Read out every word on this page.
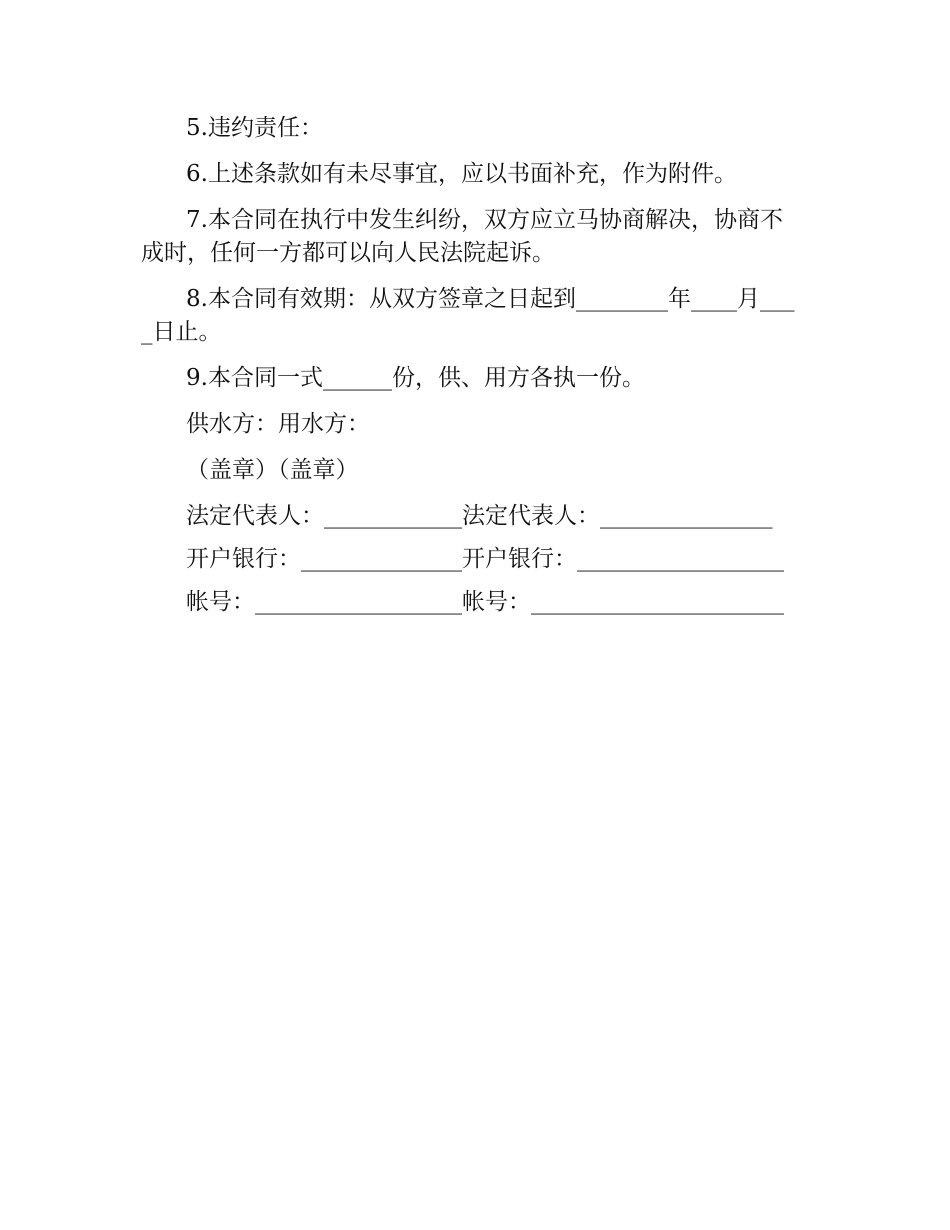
5.违约责任：

6.上述条款如有未尽事宜，应以书面补充，作为附件。

7.本合同在执行中发生纠纷，双方应立马协商解决，协商不成时，任何一方都可以向人民法院起诉。

8.本合同有效期：从双方签章之日起到________年____月____日止。

9.本合同一式______份，供、用方各执一份。

供水方：用水方：

（盖章）（盖章）

法定代表人：____________法定代表人：_______________

开户银行：______________开户银行：__________________

帐号：__________________帐号：______________________
